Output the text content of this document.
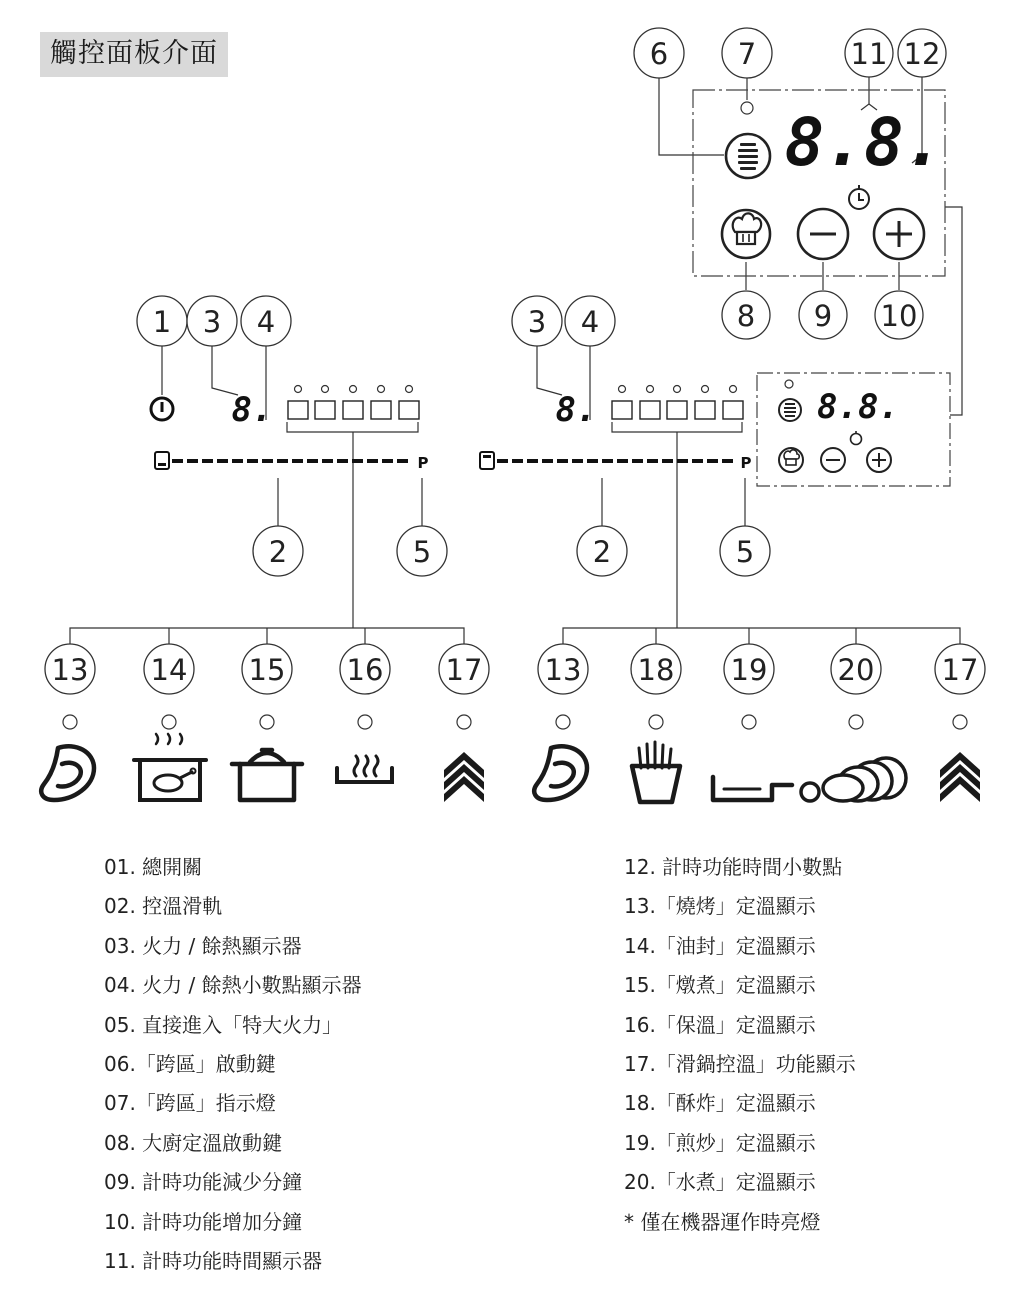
觸控面板介面
8.8.
8.
P
8.
P
8.8.
6 7	11 12
8 9 10
1 3 4	3 4
2	5	2	5
13 14 15 16 17 13 18 19 20 17
01. 總開關
02. 控溫滑軌
03. 火力 / 餘熱顯示器
04. 火力 / 餘熱小數點顯示器
05. 直接進入「特大火力」
06.「跨區」啟動鍵
07.「跨區」指示燈
08. 大廚定溫啟動鍵
09. 計時功能減少分鐘
10. 計時功能增加分鐘
11. 計時功能時間顯示器
12. 計時功能時間小數點
13.「燒烤」定溫顯示
14.「油封」定溫顯示
15.「燉煮」定溫顯示
16.「保溫」定溫顯示
17.「滑鍋控溫」功能顯示
18.「酥炸」定溫顯示
19.「煎炒」定溫顯示
20.「水煮」定溫顯示
* 僅在機器運作時亮燈
